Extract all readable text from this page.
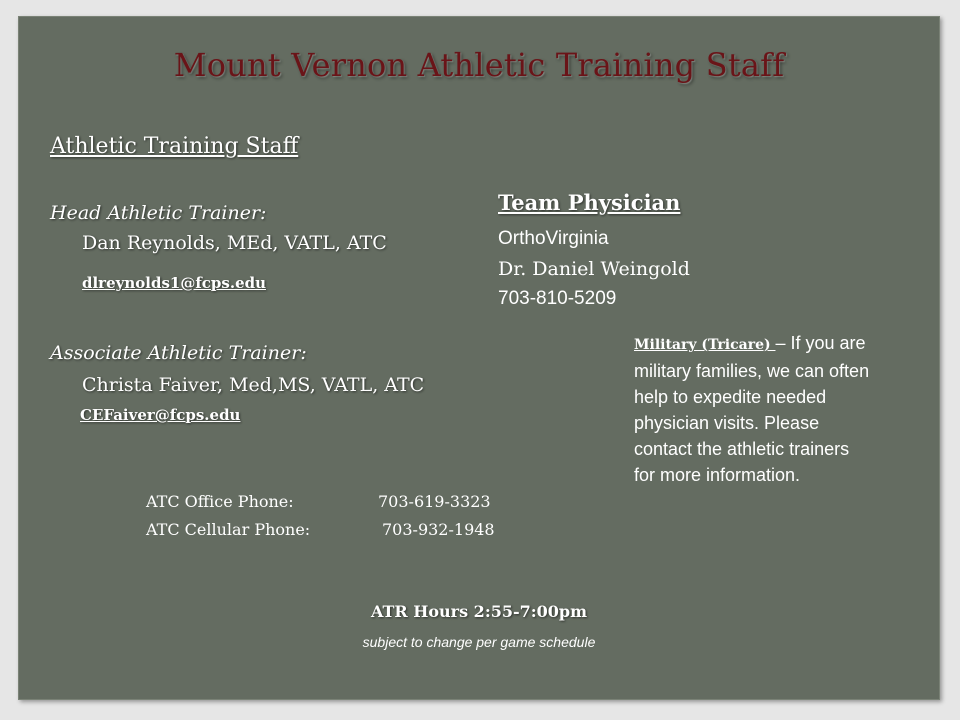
Mount Vernon Athletic Training Staff
Athletic Training Staff
Head Athletic Trainer:
Dan Reynolds, MEd, VATL, ATC
dlreynolds1@fcps.edu
Associate Athletic Trainer:
Christa Faiver, Med,MS, VATL, ATC
CEFaiver@fcps.edu
Team Physician
OrthoVirginia
Dr. Daniel Weingold
703-810-5209
Military (Tricare) – If you are military families, we can often help to expedite needed physician visits. Please contact the athletic trainers for more information.
ATC Office Phone:	703-619-3323
ATC Cellular Phone:	703-932-1948
ATR Hours 2:55-7:00pm
subject to change per game schedule
